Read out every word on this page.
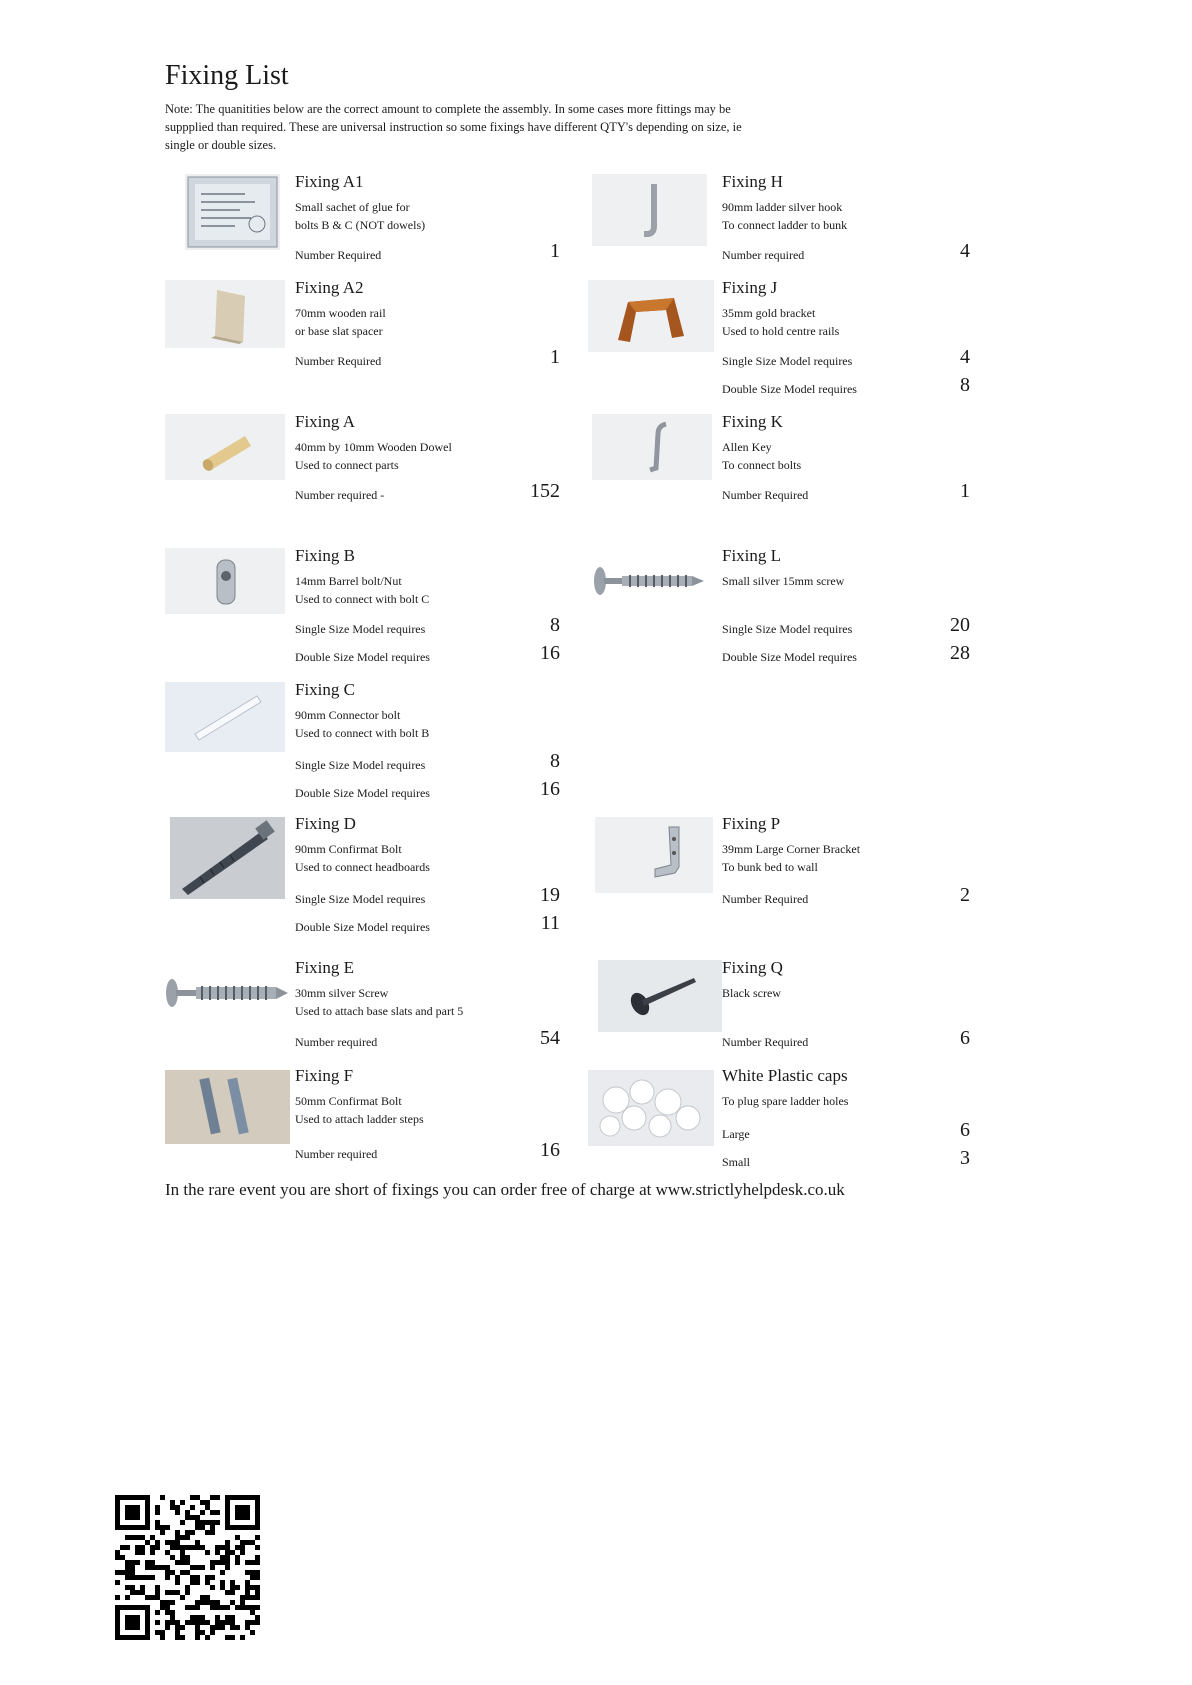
Fixing List
Note: The quanitities below are the correct amount to complete the assembly. In some cases more fittings may be suppplied than required. These are universal instruction so some fixings have different QTY's depending on size, ie single or double sizes.
Fixing A1
Small sachet of glue for
bolts B & C (NOT dowels)
Number Required	1
Fixing A2
70mm wooden rail
or base slat spacer
Number Required	1
Fixing A
40mm by 10mm Wooden Dowel
Used to connect parts
Number required -	152
Fixing B
14mm Barrel bolt/Nut
Used to connect with bolt C
Single Size Model requires	8
Double Size Model requires	16
Fixing C
90mm Connector bolt
Used to connect with bolt B
Single Size Model requires	8
Double Size Model requires	16
Fixing D
90mm Confirmat Bolt
Used to connect headboards
Single Size Model requires	19
Double Size Model requires	11
Fixing E
30mm silver Screw
Used to attach base slats and part 5
Number required	54
Fixing F
50mm Confirmat Bolt
Used to attach ladder steps
Number required	16
Fixing H
90mm ladder silver hook
To connect ladder to bunk
Number required	4
Fixing J
35mm gold bracket
Used to hold centre rails
Single Size Model requires	4
Double Size Model requires	8
Fixing K
Allen Key
To connect bolts
Number Required	1
Fixing L
Small silver 15mm screw
Single Size Model requires	20
Double Size Model requires	28
Fixing P
39mm Large Corner Bracket
To bunk bed to wall
Number Required	2
Fixing Q
Black screw
Number Required	6
White Plastic caps
To plug spare ladder holes
Large	6
Small	3
In the rare event you are short of fixings you can order free of charge at www.strictlyhelpdesk.co.uk
